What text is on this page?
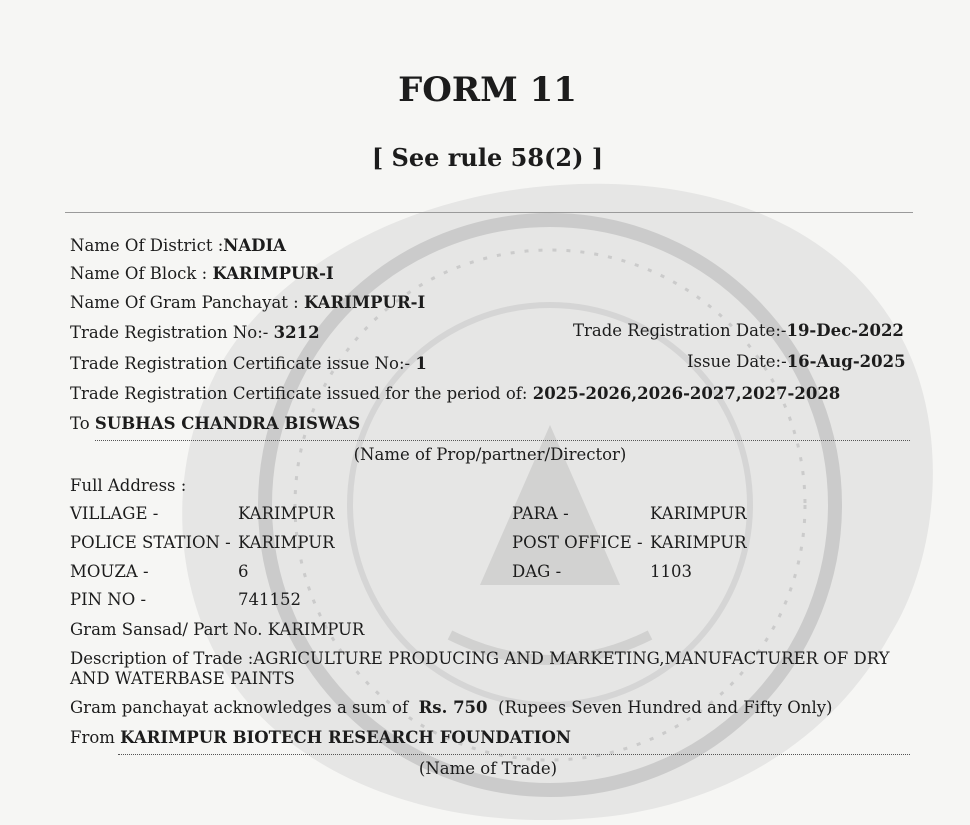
FORM 11
[ See rule 58(2) ]
Name Of District :NADIA
Name Of Block : KARIMPUR-I
Name Of Gram Panchayat : KARIMPUR-I
Trade Registration No:- 3212	Trade Registration Date:-19-Dec-2022
Trade Registration Certificate issue No:- 1	Issue Date:-16-Aug-2025
Trade Registration Certificate issued for the period of: 2025-2026,2026-2027,2027-2028
To SUBHAS CHANDRA BISWAS
(Name of Prop/partner/Director)
Full Address :
VILLAGE -	KARIMPUR	PARA -	KARIMPUR
POLICE STATION - KARIMPUR	POST OFFICE - KARIMPUR
MOUZA -	6	DAG -	1103
PIN NO -	741152
Gram Sansad/ Part No. KARIMPUR
Description of Trade :AGRICULTURE PRODUCING AND MARKETING,MANUFACTURER OF DRY
AND WATERBASE PAINTS
Gram panchayat acknowledges a sum of Rs. 750 (Rupees Seven Hundred and Fifty Only)
From KARIMPUR BIOTECH RESEARCH FOUNDATION
(Name of Trade)
